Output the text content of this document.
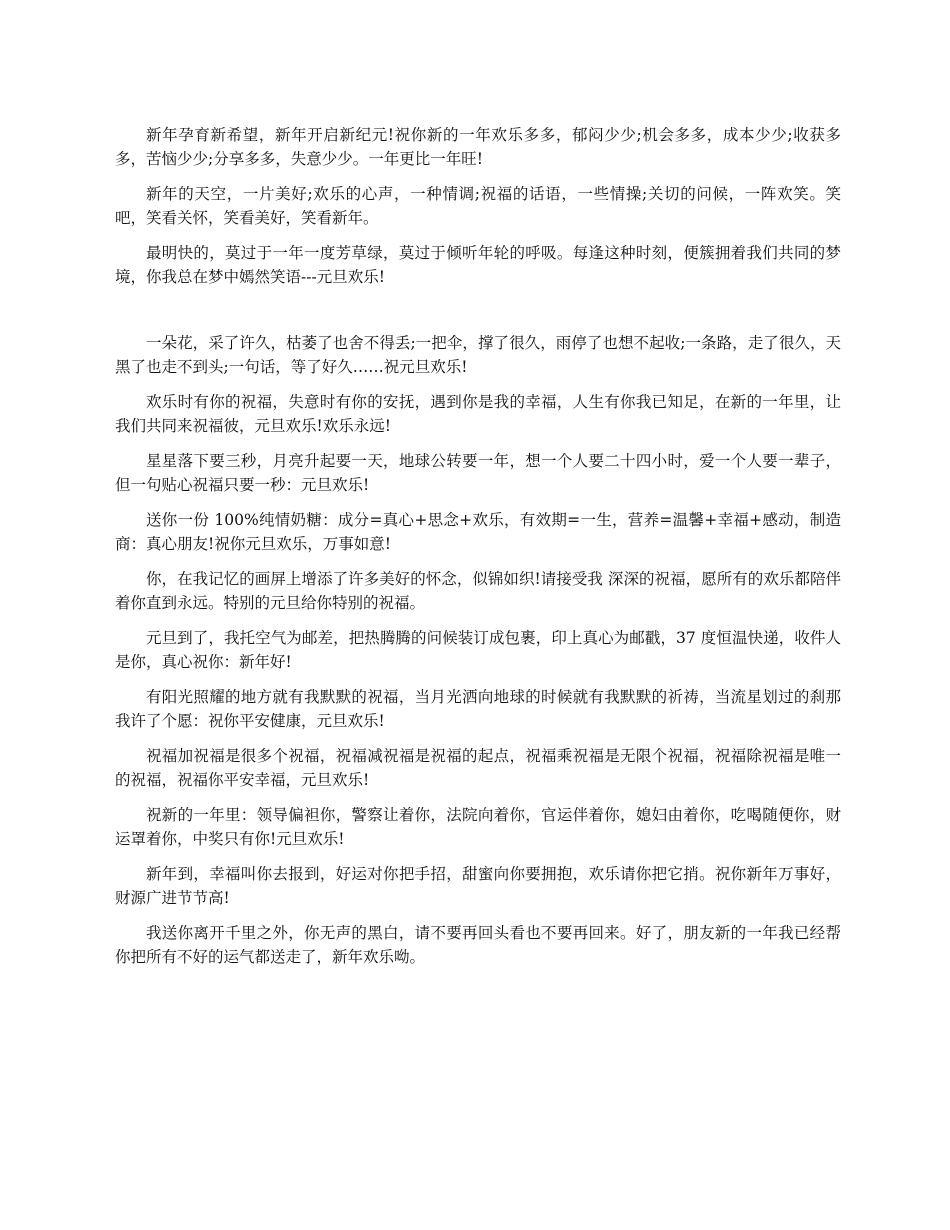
新年孕育新希望，新年开启新纪元!祝你新的一年欢乐多多，郁闷少少;机会多多，成本少少;收获多多，苦恼少少;分享多多，失意少少。一年更比一年旺!

新年的天空，一片美好;欢乐的心声，一种情调;祝福的话语，一些情操;关切的问候，一阵欢笑。笑吧，笑看关怀，笑看美好，笑看新年。

最明快的，莫过于一年一度芳草绿，莫过于倾听年轮的呼吸。每逢这种时刻，便簇拥着我们共同的梦境，你我总在梦中嫣然笑语---元旦欢乐!

一朵花，采了许久，枯萎了也舍不得丢;一把伞，撑了很久，雨停了也想不起收;一条路，走了很久，天黑了也走不到头;一句话，等了好久……祝元旦欢乐!

欢乐时有你的祝福，失意时有你的安抚，遇到你是我的幸福，人生有你我已知足，在新的一年里，让我们共同来祝福彼，元旦欢乐!欢乐永远!

星星落下要三秒，月亮升起要一天，地球公转要一年，想一个人要二十四小时，爱一个人要一辈子，但一句贴心祝福只要一秒：元旦欢乐!

送你一份 100%纯情奶糖：成分=真心+思念+欢乐，有效期=一生，营养=温馨+幸福+感动，制造商：真心朋友!祝你元旦欢乐，万事如意!

你，在我记忆的画屏上增添了许多美好的怀念，似锦如织!请接受我 深深的祝福，愿所有的欢乐都陪伴着你直到永远。特别的元旦给你特别的祝福。

元旦到了，我托空气为邮差，把热腾腾的问候装订成包裹，印上真心为邮戳，37 度恒温快递，收件人是你，真心祝你：新年好!

有阳光照耀的地方就有我默默的祝福，当月光洒向地球的时候就有我默默的祈祷，当流星划过的刹那我许了个愿：祝你平安健康，元旦欢乐!

祝福加祝福是很多个祝福，祝福减祝福是祝福的起点，祝福乘祝福是无限个祝福，祝福除祝福是唯一的祝福，祝福你平安幸福，元旦欢乐!

祝新的一年里：领导偏袒你，警察让着你，法院向着你，官运伴着你，媳妇由着你，吃喝随便你，财运罩着你，中奖只有你!元旦欢乐!

新年到，幸福叫你去报到，好运对你把手招，甜蜜向你要拥抱，欢乐请你把它捎。祝你新年万事好，财源广进节节高!

我送你离开千里之外，你无声的黑白，请不要再回头看也不要再回来。好了，朋友新的一年我已经帮你把所有不好的运气都送走了，新年欢乐呦。
